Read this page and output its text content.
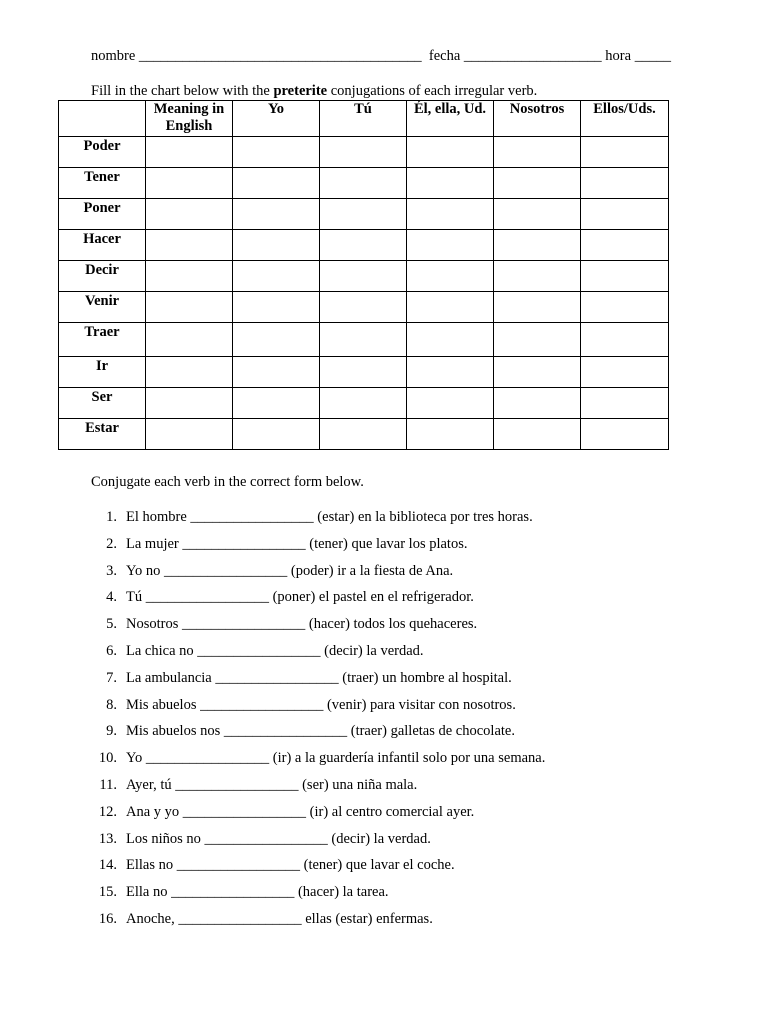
nombre _______________________________________  fecha ___________________ hora _____
Fill in the chart below with the preterite conjugations of each irregular verb.
	Meaning in English	Yo	Tú	Él, ella, Ud.	Nosotros	Ellos/Uds.
Poder						
Tener						
Poner						
Hacer						
Decir						
Venir						
Traer						
Ir						
Ser						
Estar						
Conjugate each verb in the correct form below.
1. El hombre _________________ (estar) en la biblioteca por tres horas.
2. La mujer _________________ (tener) que lavar los platos.
3. Yo no _________________ (poder) ir a la fiesta de Ana.
4. Tú _________________ (poner) el pastel en el refrigerador.
5. Nosotros _________________ (hacer) todos los quehaceres.
6. La chica no _________________ (decir) la verdad.
7. La ambulancia _________________ (traer) un hombre al hospital.
8. Mis abuelos _________________ (venir) para visitar con nosotros.
9. Mis abuelos nos _________________ (traer) galletas de chocolate.
10. Yo _________________ (ir) a la guardería infantil solo por una semana.
11. Ayer, tú _________________ (ser) una niña mala.
12. Ana y yo _________________ (ir) al centro comercial ayer.
13. Los niños no _________________ (decir) la verdad.
14. Ellas no _________________ (tener) que lavar el coche.
15. Ella no _________________ (hacer) la tarea.
16. Anoche, _________________ ellas (estar) enfermas.
